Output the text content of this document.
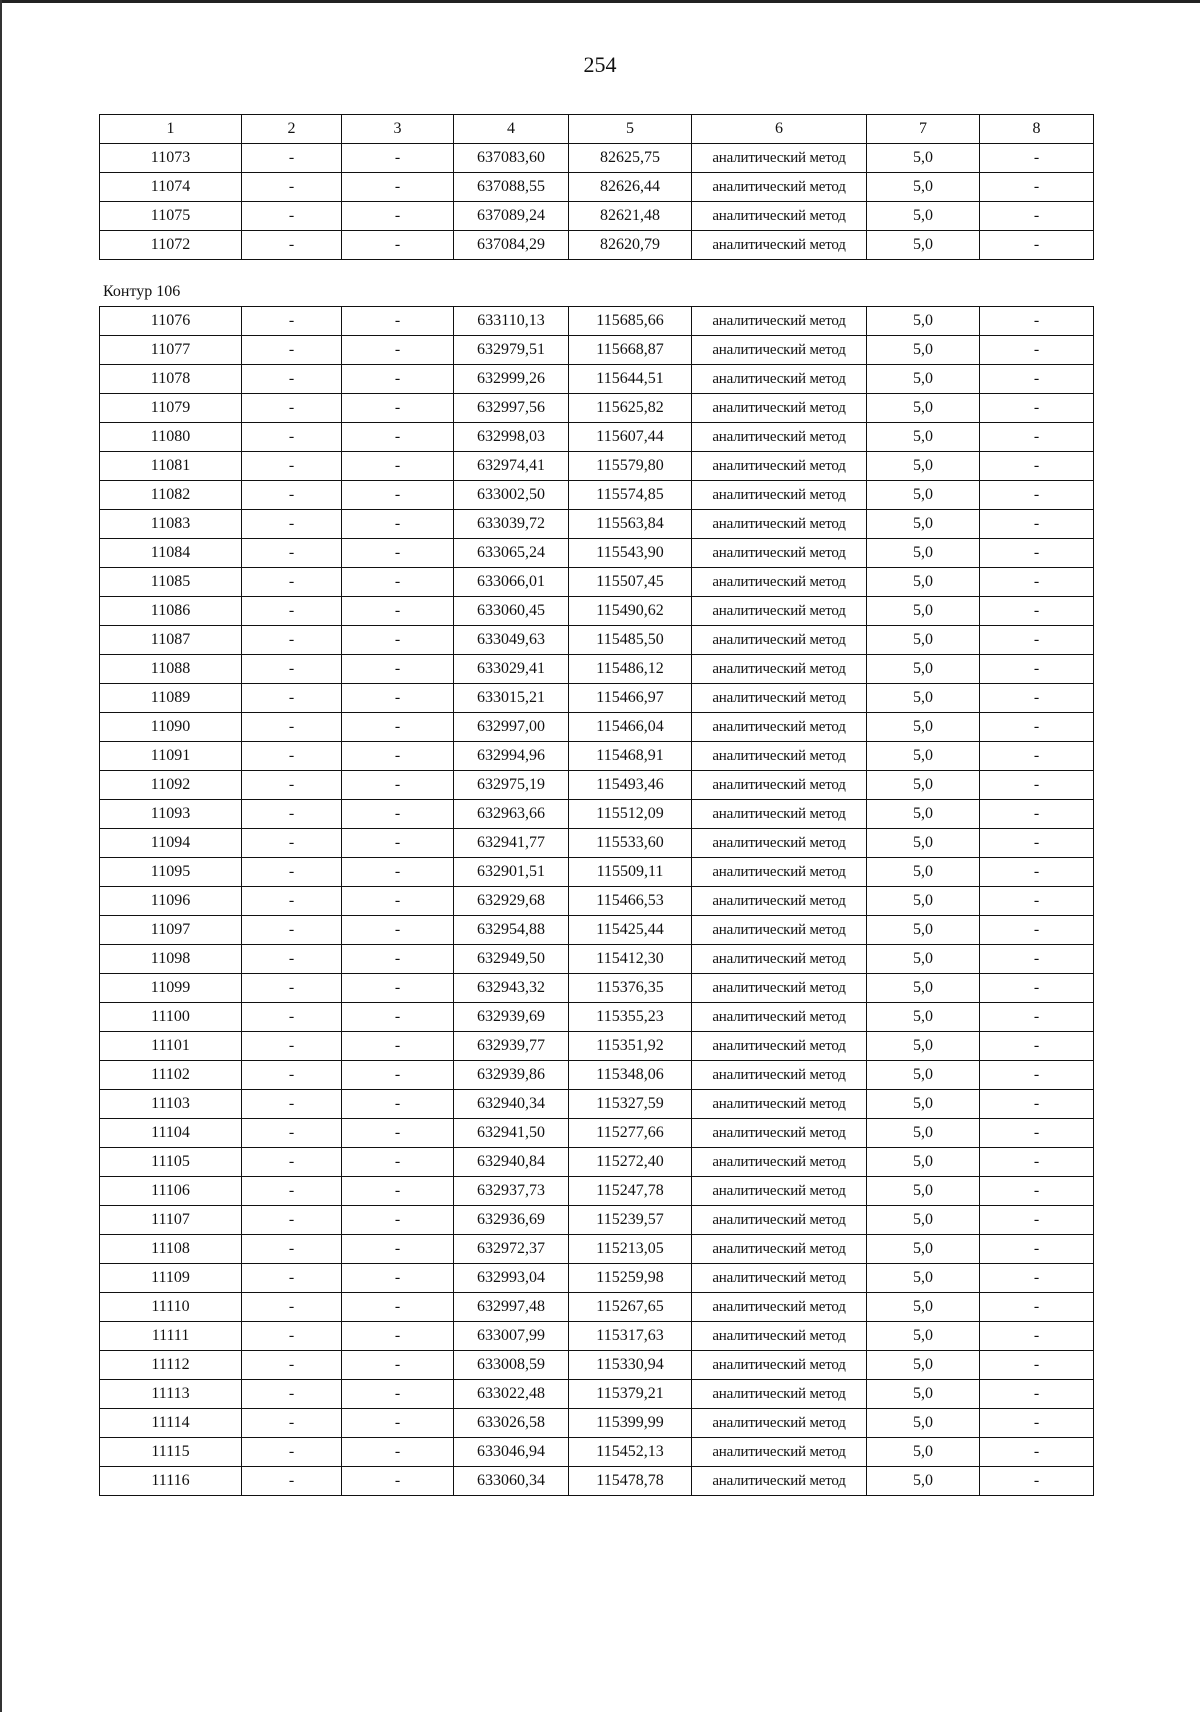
254
1	2	3	4	5	6	7	8
11073	-	-	637083,60	82625,75	аналитический метод	5,0	-
11074	-	-	637088,55	82626,44	аналитический метод	5,0	-
11075	-	-	637089,24	82621,48	аналитический метод	5,0	-
11072	-	-	637084,29	82620,79	аналитический метод	5,0	-
Контур 106
11076	-	-	633110,13	115685,66	аналитический метод	5,0	-
11077	-	-	632979,51	115668,87	аналитический метод	5,0	-
11078	-	-	632999,26	115644,51	аналитический метод	5,0	-
11079	-	-	632997,56	115625,82	аналитический метод	5,0	-
11080	-	-	632998,03	115607,44	аналитический метод	5,0	-
11081	-	-	632974,41	115579,80	аналитический метод	5,0	-
11082	-	-	633002,50	115574,85	аналитический метод	5,0	-
11083	-	-	633039,72	115563,84	аналитический метод	5,0	-
11084	-	-	633065,24	115543,90	аналитический метод	5,0	-
11085	-	-	633066,01	115507,45	аналитический метод	5,0	-
11086	-	-	633060,45	115490,62	аналитический метод	5,0	-
11087	-	-	633049,63	115485,50	аналитический метод	5,0	-
11088	-	-	633029,41	115486,12	аналитический метод	5,0	-
11089	-	-	633015,21	115466,97	аналитический метод	5,0	-
11090	-	-	632997,00	115466,04	аналитический метод	5,0	-
11091	-	-	632994,96	115468,91	аналитический метод	5,0	-
11092	-	-	632975,19	115493,46	аналитический метод	5,0	-
11093	-	-	632963,66	115512,09	аналитический метод	5,0	-
11094	-	-	632941,77	115533,60	аналитический метод	5,0	-
11095	-	-	632901,51	115509,11	аналитический метод	5,0	-
11096	-	-	632929,68	115466,53	аналитический метод	5,0	-
11097	-	-	632954,88	115425,44	аналитический метод	5,0	-
11098	-	-	632949,50	115412,30	аналитический метод	5,0	-
11099	-	-	632943,32	115376,35	аналитический метод	5,0	-
11100	-	-	632939,69	115355,23	аналитический метод	5,0	-
11101	-	-	632939,77	115351,92	аналитический метод	5,0	-
11102	-	-	632939,86	115348,06	аналитический метод	5,0	-
11103	-	-	632940,34	115327,59	аналитический метод	5,0	-
11104	-	-	632941,50	115277,66	аналитический метод	5,0	-
11105	-	-	632940,84	115272,40	аналитический метод	5,0	-
11106	-	-	632937,73	115247,78	аналитический метод	5,0	-
11107	-	-	632936,69	115239,57	аналитический метод	5,0	-
11108	-	-	632972,37	115213,05	аналитический метод	5,0	-
11109	-	-	632993,04	115259,98	аналитический метод	5,0	-
11110	-	-	632997,48	115267,65	аналитический метод	5,0	-
11111	-	-	633007,99	115317,63	аналитический метод	5,0	-
11112	-	-	633008,59	115330,94	аналитический метод	5,0	-
11113	-	-	633022,48	115379,21	аналитический метод	5,0	-
11114	-	-	633026,58	115399,99	аналитический метод	5,0	-
11115	-	-	633046,94	115452,13	аналитический метод	5,0	-
11116	-	-	633060,34	115478,78	аналитический метод	5,0	-
